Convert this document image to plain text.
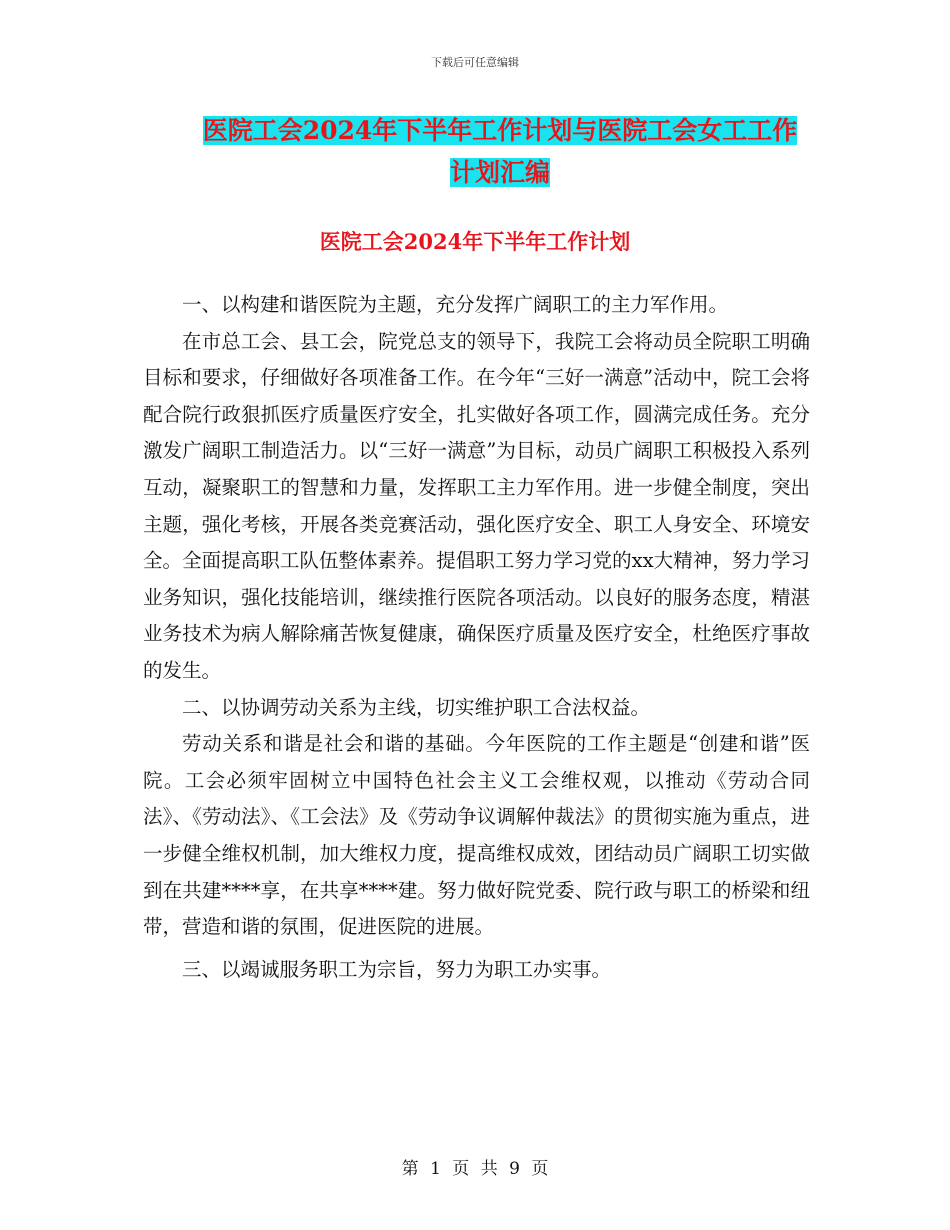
下载后可任意编辑
医院工会2024年下半年工作计划与医院工会女工工作
计划汇编
医院工会2024年下半年工作计划

一、以构建和谐医院为主题，充分发挥广阔职工的主力军作用。

在市总工会、县工会，院党总支的领导下，我院工会将动员全院职工明确目标和要求，仔细做好各项准备工作。在今年“三好一满意”活动中，院工会将配合院行政狠抓医疗质量医疗安全，扎实做好各项工作，圆满完成任务。充分激发广阔职工制造活力。以“三好一满意”为目标，动员广阔职工积极投入系列互动，凝聚职工的智慧和力量，发挥职工主力军作用。进一步健全制度，突出主题，强化考核，开展各类竞赛活动，强化医疗安全、职工人身安全、环境安全。全面提高职工队伍整体素养。提倡职工努力学习党的xx大精神，努力学习业务知识，强化技能培训，继续推行医院各项活动。以良好的服务态度，精湛业务技术为病人解除痛苦恢复健康，确保医疗质量及医疗安全，杜绝医疗事故的发生。

二、以协调劳动关系为主线，切实维护职工合法权益。

劳动关系和谐是社会和谐的基础。今年医院的工作主题是“创建和谐”医院。工会必须牢固树立中国特色社会主义工会维权观，以推动《劳动合同法》、《劳动法》、《工会法》及《劳动争议调解仲裁法》的贯彻实施为重点，进一步健全维权机制，加大维权力度，提高维权成效，团结动员广阔职工切实做到在共建****享，在共享****建。努力做好院党委、院行政与职工的桥梁和纽带，营造和谐的氛围，促进医院的进展。

三、以竭诚服务职工为宗旨，努力为职工办实事。

第 1 页 共 9 页
